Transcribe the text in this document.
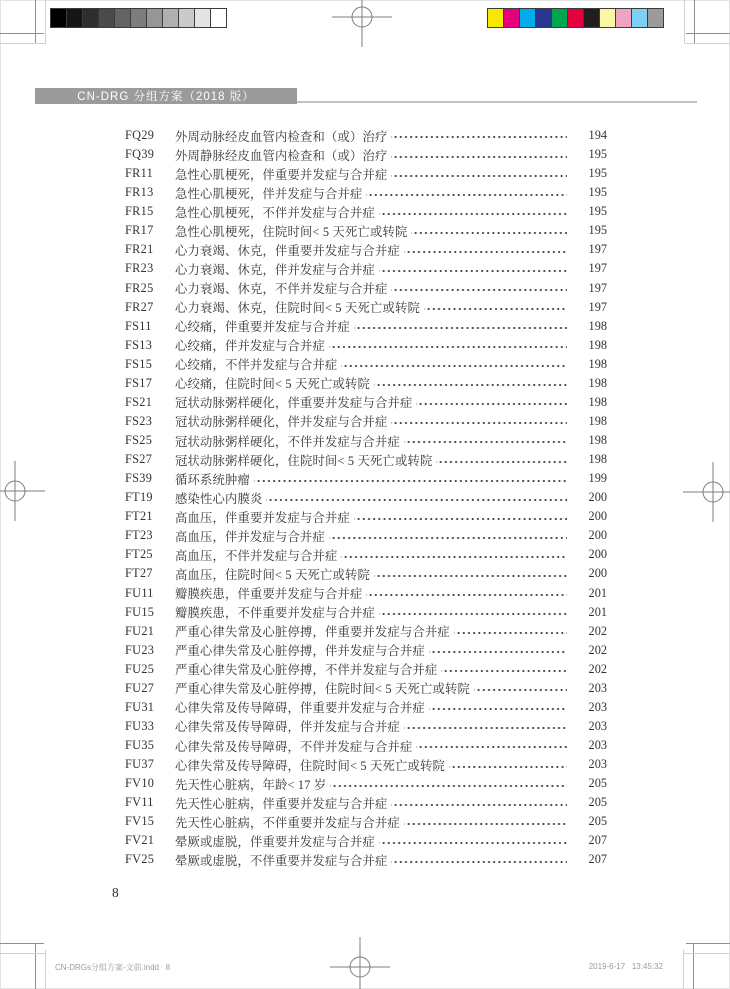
CN-DRG 分组方案（2018 版）
FQ29	外周动脉经皮血管内检查和（或）治疗	194
FQ39	外周静脉经皮血管内检查和（或）治疗	195
FR11	急性心肌梗死，伴重要并发症与合并症	195
FR13	急性心肌梗死，伴并发症与合并症	195
FR15	急性心肌梗死，不伴并发症与合并症	195
FR17	急性心肌梗死，住院时间< 5 天死亡或转院	195
FR21	心力衰竭、休克，伴重要并发症与合并症	197
FR23	心力衰竭、休克，伴并发症与合并症	197
FR25	心力衰竭、休克，不伴并发症与合并症	197
FR27	心力衰竭、休克，住院时间< 5 天死亡或转院	197
FS11	心绞痛，伴重要并发症与合并症	198
FS13	心绞痛，伴并发症与合并症	198
FS15	心绞痛，不伴并发症与合并症	198
FS17	心绞痛，住院时间< 5 天死亡或转院	198
FS21	冠状动脉粥样硬化，伴重要并发症与合并症	198
FS23	冠状动脉粥样硬化，伴并发症与合并症	198
FS25	冠状动脉粥样硬化，不伴并发症与合并症	198
FS27	冠状动脉粥样硬化，住院时间< 5 天死亡或转院	198
FS39	循环系统肿瘤	199
FT19	感染性心内膜炎	200
FT21	高血压，伴重要并发症与合并症	200
FT23	高血压，伴并发症与合并症	200
FT25	高血压，不伴并发症与合并症	200
FT27	高血压，住院时间< 5 天死亡或转院	200
FU11	瓣膜疾患，伴重要并发症与合并症	201
FU15	瓣膜疾患，不伴重要并发症与合并症	201
FU21	严重心律失常及心脏停搏，伴重要并发症与合并症	202
FU23	严重心律失常及心脏停搏，伴并发症与合并症	202
FU25	严重心律失常及心脏停搏，不伴并发症与合并症	202
FU27	严重心律失常及心脏停搏，住院时间< 5 天死亡或转院	203
FU31	心律失常及传导障碍，伴重要并发症与合并症	203
FU33	心律失常及传导障碍，伴并发症与合并症	203
FU35	心律失常及传导障碍，不伴并发症与合并症	203
FU37	心律失常及传导障碍，住院时间< 5 天死亡或转院	203
FV10	先天性心脏病，年龄< 17 岁	205
FV11	先天性心脏病，伴重要并发症与合并症	205
FV15	先天性心脏病，不伴重要并发症与合并症	205
FV21	晕厥或虚脱，伴重要并发症与合并症	207
FV25	晕厥或虚脱，不伴重要并发症与合并症	207
8
CN-DRGs分组方案-文前.indd   8	2019-6-17   13:45:32
